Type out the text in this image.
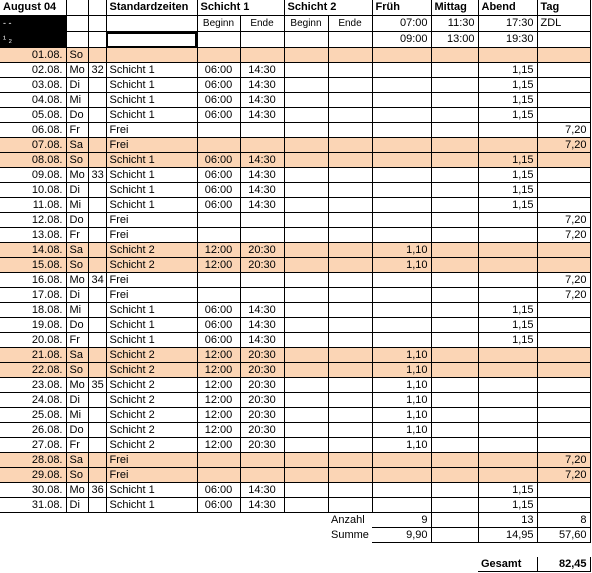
August 04			Standardzeiten	Schicht 1		Schicht 2		Früh	Mittag	Abend	Tag
- -				Beginn	Ende	Beginn	Ende	07:00	11:30	17:30	ZDL
¹ ₂								09:00	13:00	19:30	
01.08.	So										
02.08.	Mo	32	Schicht 1	06:00	14:30					1,15	
03.08.	Di		Schicht 1	06:00	14:30					1,15	
04.08.	Mi		Schicht 1	06:00	14:30					1,15	
05.08.	Do		Schicht 1	06:00	14:30					1,15	
06.08.	Fr		Frei								7,20
07.08.	Sa		Frei								7,20
08.08.	So		Schicht 1	06:00	14:30					1,15	
09.08.	Mo	33	Schicht 1	06:00	14:30					1,15	
10.08.	Di		Schicht 1	06:00	14:30					1,15	
11.08.	Mi		Schicht 1	06:00	14:30					1,15	
12.08.	Do		Frei								7,20
13.08.	Fr		Frei								7,20
14.08.	Sa		Schicht 2	12:00	20:30			1,10			
15.08.	So		Schicht 2	12:00	20:30			1,10			
16.08.	Mo	34	Frei								7,20
17.08.	Di		Frei								7,20
18.08.	Mi		Schicht 1	06:00	14:30					1,15	
19.08.	Do		Schicht 1	06:00	14:30					1,15	
20.08.	Fr		Schicht 1	06:00	14:30					1,15	
21.08.	Sa		Schicht 2	12:00	20:30			1,10			
22.08.	So		Schicht 2	12:00	20:30			1,10			
23.08.	Mo	35	Schicht 2	12:00	20:30			1,10			
24.08.	Di		Schicht 2	12:00	20:30			1,10			
25.08.	Mi		Schicht 2	12:00	20:30			1,10			
26.08.	Do		Schicht 2	12:00	20:30			1,10			
27.08.	Fr		Schicht 2	12:00	20:30			1,10			
28.08.	Sa		Frei								7,20
29.08.	So		Frei								7,20
30.08.	Mo	36	Schicht 1	06:00	14:30					1,15	
31.08.	Di		Schicht 1	06:00	14:30					1,15	
							Anzahl	9		13	8
							Summe	9,90		14,95	57,60

										Gesamt	82,45
